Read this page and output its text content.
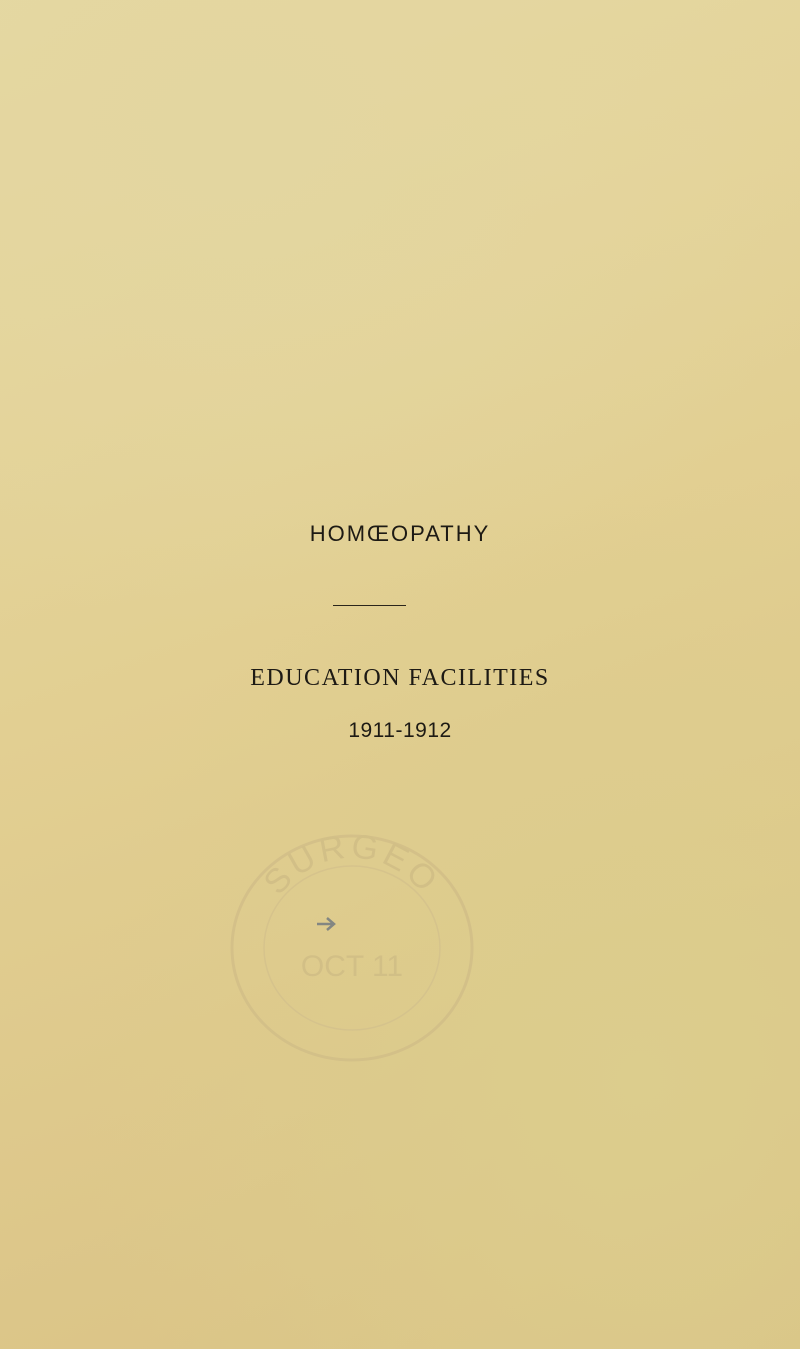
HOMŒOPATHY
EDUCATION FACILITIES
1911-1912
SURGEO
OCT 11
